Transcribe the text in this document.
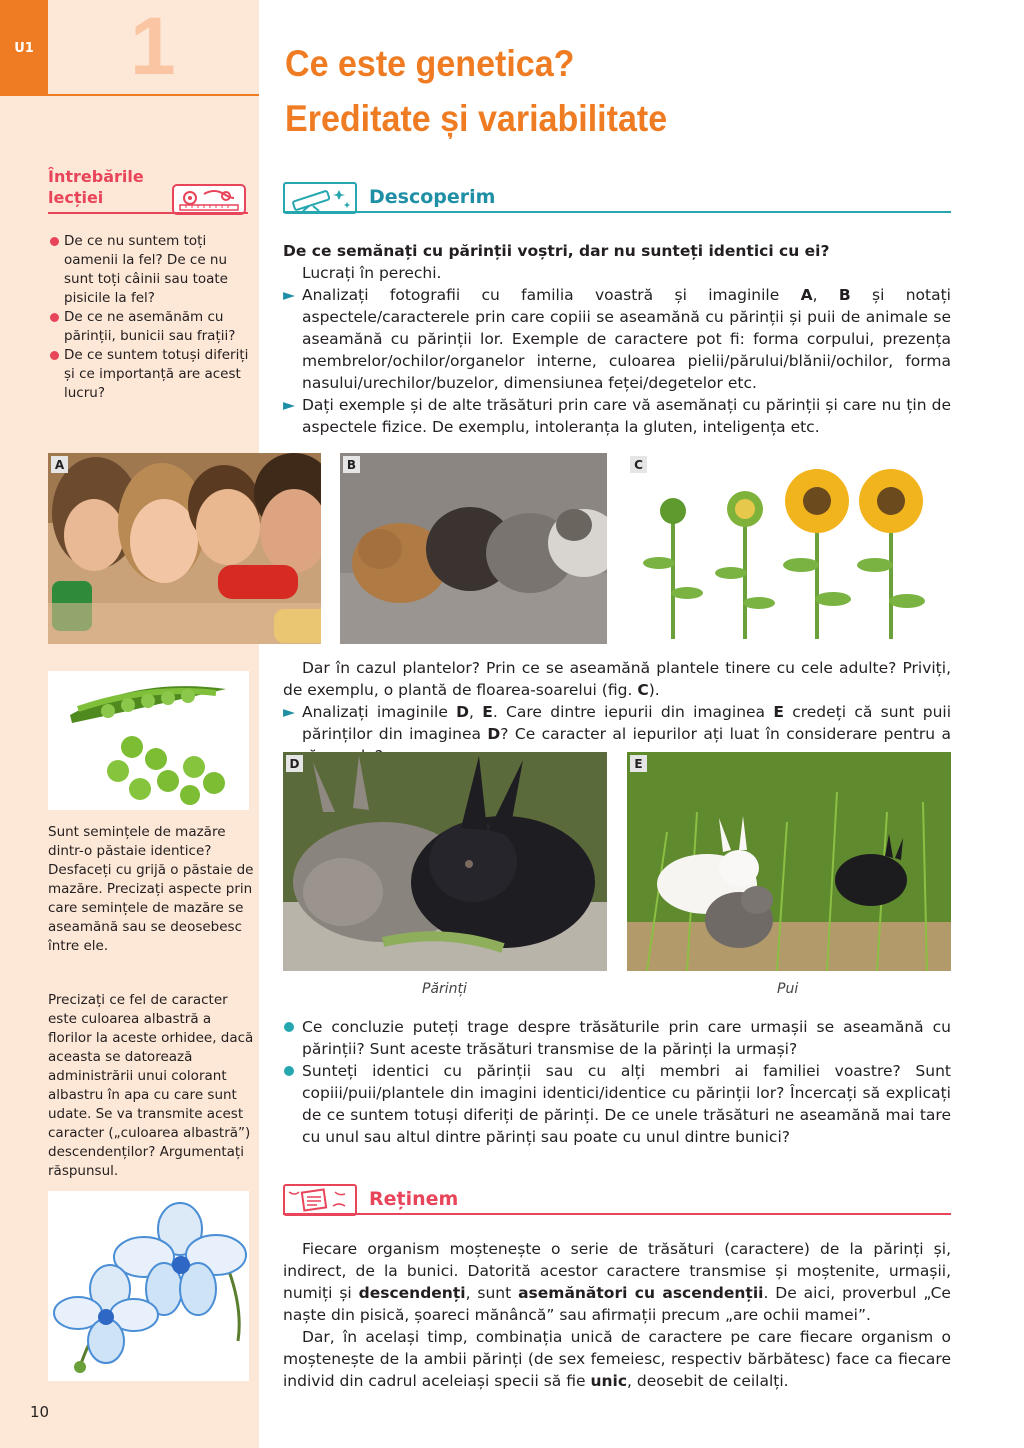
U1 1	Ce este genetica?
Ereditate și variabilitate
Întrebările
lecției
De ce nu suntem toți oamenii la fel? De ce nu sunt toți câinii sau toate pisicile la fel?
De ce ne asemănăm cu părinții, bunicii sau frații?
De ce suntem totuși diferiți și ce importanță are acest lucru?
Sunt semințele de mazăre dintr-o păstaie identice? Desfaceți cu grijă o păstaie de mazăre. Precizați aspecte prin care semințele de mazăre se aseamănă sau se deosebesc între ele.
Precizați ce fel de caracter este culoarea albastră a florilor la aceste orhidee, dacă aceasta se datorează administrării unui colorant albastru în apa cu care sunt udate. Se va transmite acest caracter („culoarea albastră”) descendenților? Argumentați răspunsul.
10
Descoperim
De ce semănați cu părinții voștri, dar nu sunteți identici cu ei?
Lucrați în perechi.
► Analizați fotografii cu familia voastră și imaginile A, B și notați aspectele/caracterele prin care copiii se aseamănă cu părinții și puii de animale se aseamănă cu părinții lor. Exemple de caractere pot fi: forma corpului, prezența membrelor/ochilor/organelor interne, culoarea pielii/părului/blănii/ochilor, forma nasului/urechilor/buzelor, dimensiunea feței/degetelor etc.
► Dați exemple și de alte trăsături prin care vă asemănați cu părinții și care nu țin de aspectele fizice. De exemplu, intoleranța la gluten, inteligența etc.
A	B	C
Dar în cazul plantelor? Prin ce se aseamănă plantele tinere cu cele adulte? Priviți, de exemplu, o plantă de floarea-soarelui (fig. C).
► Analizați imaginile D, E. Care dintre iepurii din imaginea E credeți că sunt puii părinților din imaginea D? Ce caracter al iepurilor ați luat în considerare pentru a
D	E
Părinți	Pui
Ce concluzie puteți trage despre trăsăturile prin care urmașii se aseamănă cu părinții? Sunt aceste trăsături transmise de la părinți la urmași?
Sunteți identici cu părinții sau cu alți membri ai familiei voastre? Sunt copiii/puii/plantele din imagini identici/identice cu părinții lor? Încercați să explicați de ce suntem totuși diferiți de părinți. De ce unele trăsături ne aseamănă mai tare cu unul sau altul dintre părinți sau poate cu unul dintre bunici?
Reținem
Fiecare organism moștenește o serie de trăsături (caractere) de la părinți și, indirect, de la bunici. Datorită acestor caractere transmise și moștenite, urmașii, numiți și descendenți, sunt asemănători cu ascendenții. De aici, proverbul „Ce naște din pisică, șoareci mănâncă” sau afirmații precum „are ochii mamei”.
Dar, în același timp, combinația unică de caractere pe care fiecare organism o moștenește de la ambii părinți (de sex femeiesc, respectiv bărbătesc) face ca fiecare individ din cadrul aceleiași specii să fie unic, deosebit de ceilalți.
